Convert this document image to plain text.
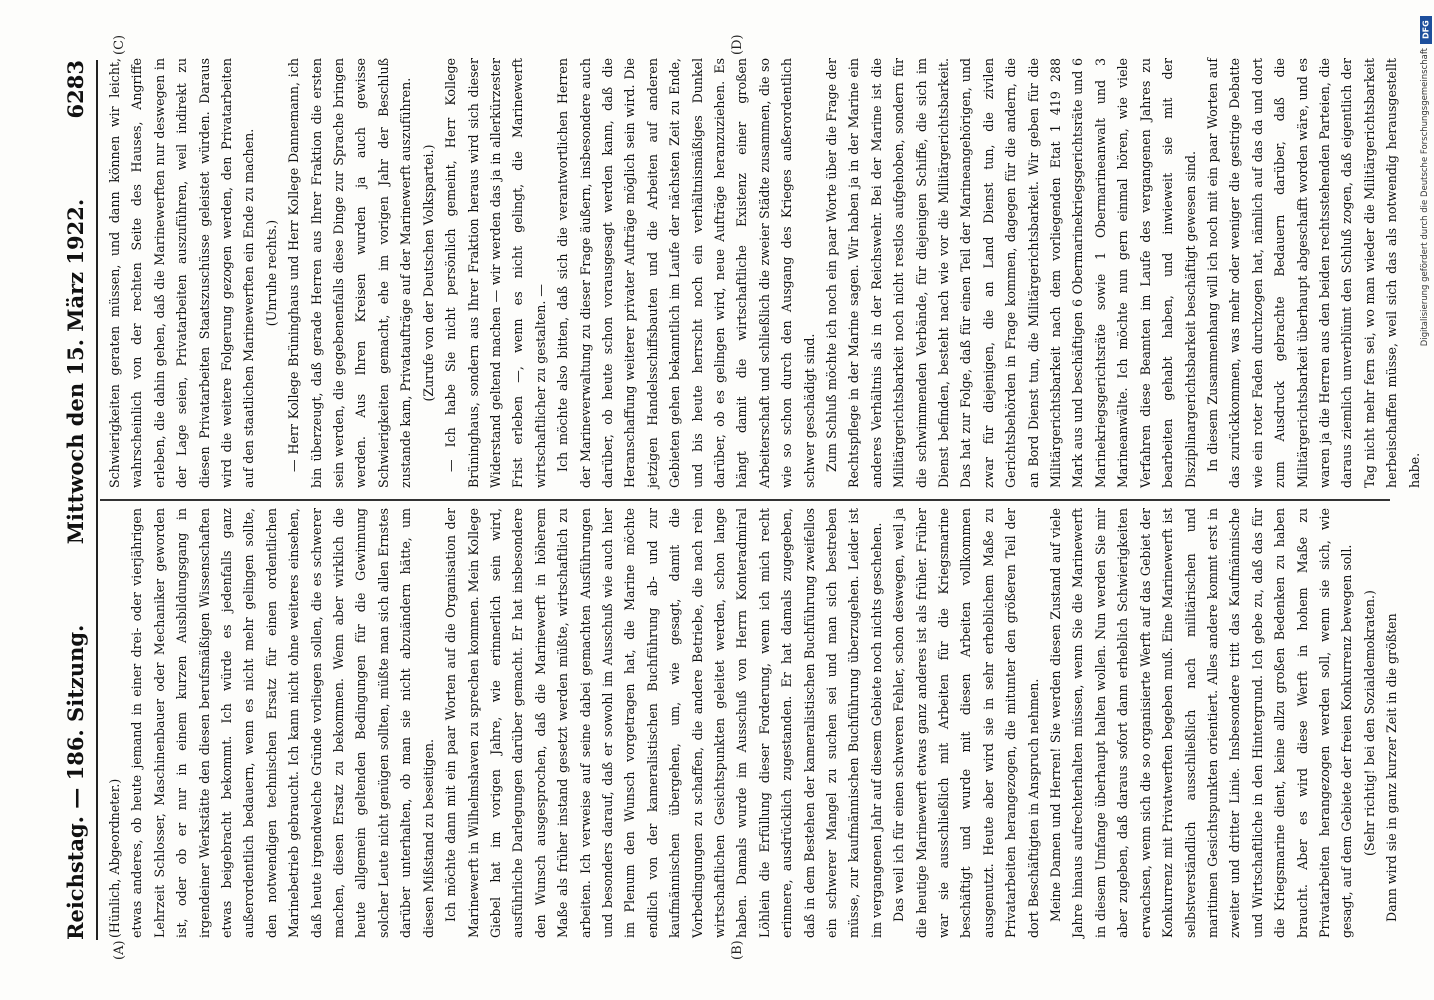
Reichstag. — 186. Sitzung.
Mittwoch den 15. März 1922.
6283

(Hünlich, Abgeordneter.) etwas anderes, ob heute jemand in einer drei- oder vierjährigen Lehrzeit Schlosser, Maschinenbauer oder Mechaniker geworden ist, oder ob er nur in einem kurzen Ausbildungsgang in irgendeiner Werkstätte den diesen berufsmäßigen Wissenschaften etwas beigebracht bekommt. Ich würde es jedenfalls ganz außerordentlich bedauern, wenn es nicht mehr gelingen sollte, den notwendigen technischen Ersatz für einen ordentlichen Marinebetrieb gebraucht. Ich kann nicht ohne weiteres einsehen, daß heute irgendwelche Gründe vorliegen sollen, die es schwerer machen, diesen Ersatz zu bekommen. Wenn aber wirklich die heute allgemein geltenden Bedingungen für die Gewinnung solcher Leute nicht genügen sollten, müßte man sich allen Ernstes darüber unterhalten, ob man sie nicht abzuändern hätte, um diesen Mißstand zu beseitigen. Ich möchte dann mit ein paar Worten auf die Organisation der Marinewerft in Wilhelmshaven zu sprechen kommen. Mein Kollege Giebel hat im vorigen Jahre, wie erinnerlich sein wird, ausführliche Darlegungen darüber gemacht. Er hat insbesondere den Wunsch ausgesprochen, daß die Marinewerft in höherem Maße als früher instand gesetzt werden müßte, wirtschaftlich zu arbeiten. Ich verweise auf seine dabei gemachten Ausführungen und besonders darauf, daß er sowohl im Ausschuß wie auch hier im Plenum den Wunsch vorgetragen hat, die Marine möchte endlich von der kameralistischen Buchführung ab- und zur kaufmännischen übergehen, um, wie gesagt, damit die Vorbedingungen zu schaffen, die andere Betriebe, die nach rein wirtschaftlichen Gesichtspunkten geleitet werden, schon lange haben. Damals wurde im Ausschuß von Herrn Konteradmiral Löhlein die Erfüllung dieser Forderung, wenn ich mich recht erinnere, ausdrücklich zugestanden. Er hat damals zugegeben, daß in dem Bestehen der kameralistischen Buchführung zweifellos ein schwerer Mangel zu suchen sei und man sich bestreben müsse, zur kaufmännischen Buchführung überzugehen. Leider ist im vergangenen Jahr auf diesem Gebiete noch nichts geschehen. Das weil ich für einen schweren Fehler, schon deswegen, weil ja die heutige Marinewerft etwas ganz anderes ist als früher. Früher war sie ausschließlich mit Arbeiten für die Kriegsmarine beschäftigt und wurde mit diesen Arbeiten vollkommen ausgenutzt. Heute aber wird sie in sehr erheblichem Maße zu Privatarbeiten herangezogen, die mitunter den größeren Teil der dort Beschäftigten in Anspruch nehmen. Meine Damen und Herren! Sie werden diesen Zustand auf viele Jahre hinaus aufrechterhalten müssen, wenn Sie die Marinewerft in diesem Umfange überhaupt halten wollen. Nun werden Sie mir aber zugeben, daß daraus sofort dann erheblich Schwierigkeiten erwachsen, wenn sich die so organisierte Werft auf das Gebiet der Konkurrenz mit Privatwerften begeben muß. Eine Marinewerft ist selbstverständlich ausschließlich nach militärischen und maritimen Gesichtspunkten orientiert. Alles andere kommt erst in zweiter und dritter Linie. Insbesondere tritt das Kaufmännische und Wirtschaftliche in den Hintergrund. Ich gebe zu, daß das für die Kriegsmarine dient, keine allzu großen Bedenken zu haben braucht. Aber es wird diese Werft in hohem Maße zu Privatarbeiten herangezogen werden soll, wenn sie sich, wie gesagt, auf dem Gebiete der freien Konkurrenz bewegen soll. (Sehr richtig! bei den Sozialdemokraten.) Dann wird sie in ganz kurzer Zeit in die größten

Schwierigkeiten geraten müssen, und dann können wir leicht, wahrscheinlich von der rechten Seite des Hauses, Angriffe erleben, die dahin gehen, daß die Marinewerften nur deswegen in der Lage seien, Privatarbeiten auszuführen, weil indirekt zu diesen Privatarbeiten Staatszuschüsse geleistet würden. Daraus wird die weitere Folgerung gezogen werden, den Privatarbeiten auf den staatlichen Marinewerften ein Ende zu machen. (Unruhe rechts.) — Herr Kollege Brüninghaus und Herr Kollege Dannemann, ich bin überzeugt, daß gerade Herren aus Ihrer Fraktion die ersten sein werden, die gegebenenfalls diese Dinge zur Sprache bringen werden. Aus Ihren Kreisen wurden ja auch gewisse Schwierigkeiten gemacht, ehe im vorigen Jahr der Beschluß zustande kam, Privataufträge auf der Marinewerft auszuführen. (Zurufe von der Deutschen Volkspartei.) — Ich habe Sie nicht persönlich gemeint, Herr Kollege Brüninghaus, sondern aus Ihrer Fraktion heraus wird sich dieser Widerstand geltend machen — wir werden das ja in allerkürzester Frist erleben —, wenn es nicht gelingt, die Marinewerft wirtschaftlicher zu gestalten. — Ich möchte also bitten, daß sich die verantwortlichen Herren der Marineverwaltung zu dieser Frage äußern, insbesondere auch darüber, ob heute schon vorausgesagt werden kann, daß die Heranschaffung weiterer privater Aufträge möglich sein wird. Die jetzigen Handelsschiffsbauten und die Arbeiten auf anderen Gebieten gehen bekanntlich im Laufe der nächsten Zeit zu Ende, und bis heute herrscht noch ein verhältnismäßiges Dunkel darüber, ob es gelingen wird, neue Aufträge heranzuziehen. Es hängt damit die wirtschaftliche Existenz einer großen Arbeiterschaft und schließlich die zweier Städte zusammen, die so wie so schon durch den Ausgang des Krieges außerordentlich schwer geschädigt sind. Zum Schluß möchte ich noch ein paar Worte über die Frage der Rechtspflege in der Marine sagen. Wir haben ja in der Marine ein anderes Verhältnis als in der Reichswehr. Bei der Marine ist die Militärgerichtsbarkeit noch nicht restlos aufgehoben, sondern für die schwimmenden Verbände, für diejenigen Schiffe, die sich im Dienst befinden, besteht nach wie vor die Militärgerichtsbarkeit. Das hat zur Folge, daß für einen Teil der Marineangehörigen, und zwar für diejenigen, die an Land Dienst tun, die zivilen Gerichtsbehörden in Frage kommen, dagegen für die andern, die an Bord Dienst tun, die Militärgerichtsbarkeit. Wir geben für die Militärgerichtsbarkeit nach dem vorliegenden Etat 1 419 288 Mark aus und beschäftigen 6 Obermarinekriegsgerichtsräte und 6 Marinekriegsgerichtsräte sowie 1 Obermarineanwalt und 3 Marineanwälte. Ich möchte nun gern einmal hören, wie viele Verfahren diese Beamten im Laufe des vergangenen Jahres zu bearbeiten gehabt haben, und inwieweit sie mit der Disziplinargerichtsbarkeit beschäftigt gewesen sind. In diesem Zusammenhang will ich noch mit ein paar Worten auf das zurückkommen, was mehr oder weniger die gestrige Debatte wie ein roter Faden durchzogen hat, nämlich auf das da und dort zum Ausdruck gebrachte Bedauern darüber, daß die Militärgerichtsbarkeit überhaupt abgeschafft worden wäre, und es waren ja die Herren aus den beiden rechtsstehenden Parteien, die daraus ziemlich unverblümt den Schluß zogen, daß eigentlich der Tag nicht mehr fern sei, wo man wieder die Militärgerichtsbarkeit herbeischaffen müsse, weil sich das als notwendig herausgestellt habe.

(A)	(B)
(C)	(D)
DFG
Digitalisierung gefördert durch die Deutsche Forschungsgemeinschaft
